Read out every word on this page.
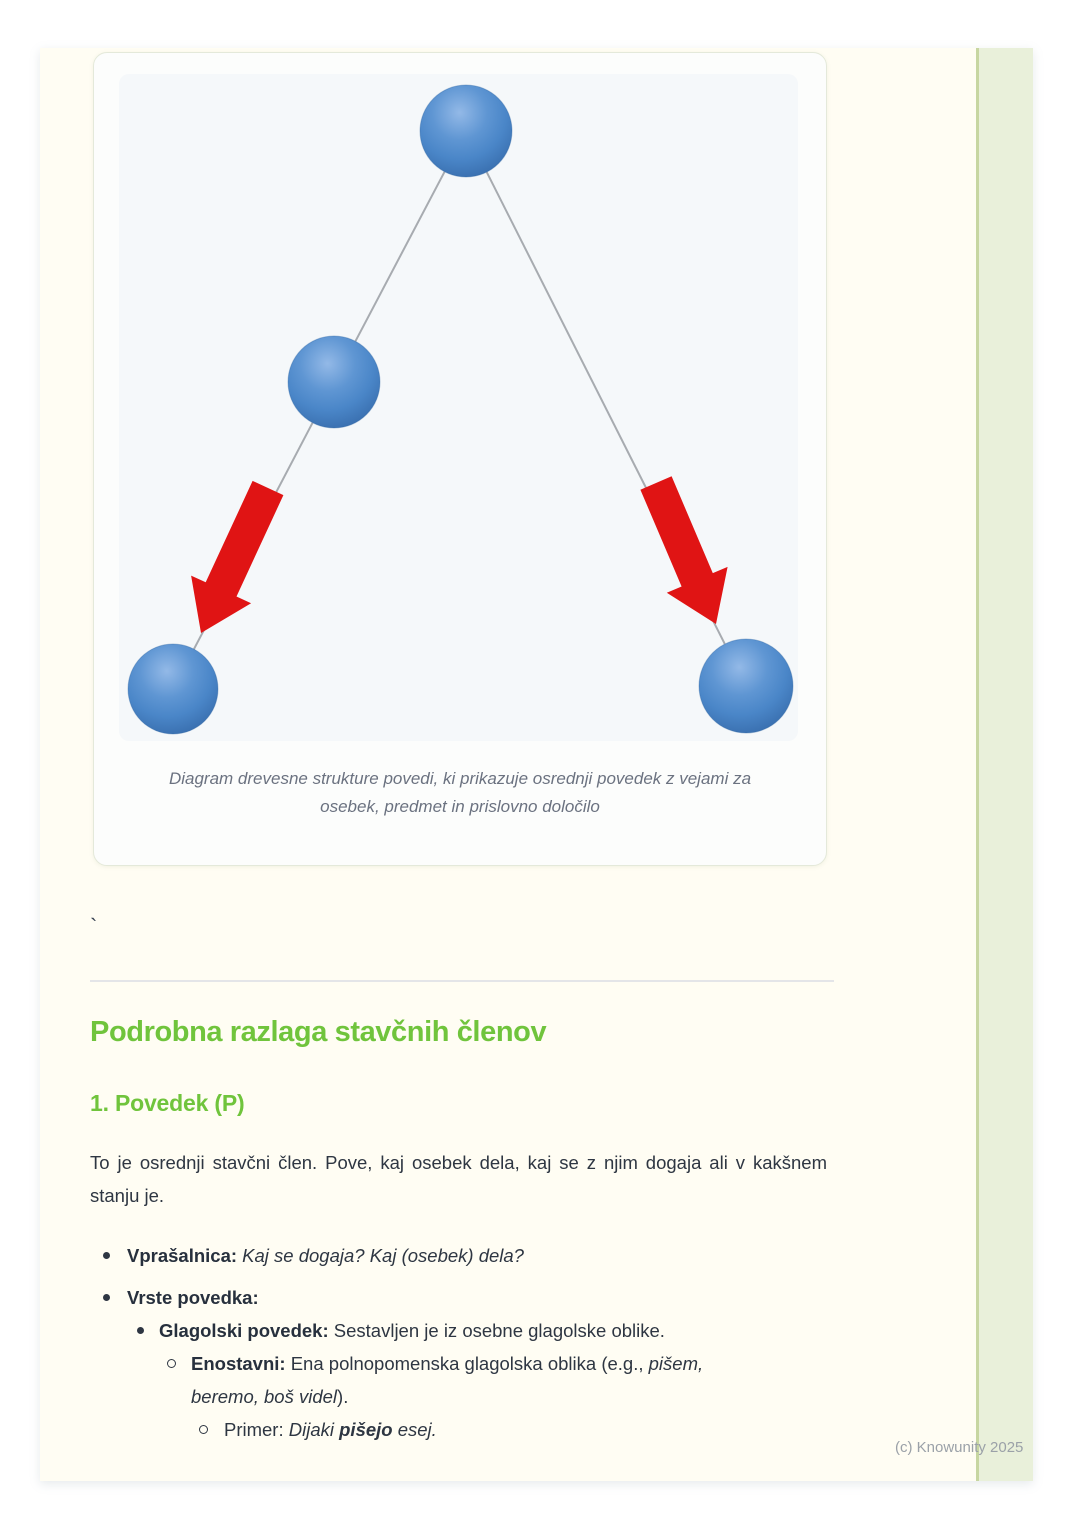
Diagram drevesne strukture povedi, ki prikazuje osrednji povedek z vejami za osebek, predmet in prislovno določilo
`
Podrobna razlaga stavčnih členov
1. Povedek (P)
To je osrednji stavčni člen. Pove, kaj osebek dela, kaj se z njim dogaja ali v kakšnem stanju je.
Vprašalnica: Kaj se dogaja? Kaj (osebek) dela?
Vrste povedka:
Glagolski povedek: Sestavljen je iz osebne glagolske oblike.
Enostavni: Ena polnopomenska glagolska oblika (e.g., pišem,
beremo, boš videl).
Primer: Dijaki pišejo esej.
(c) Knowunity 2025
